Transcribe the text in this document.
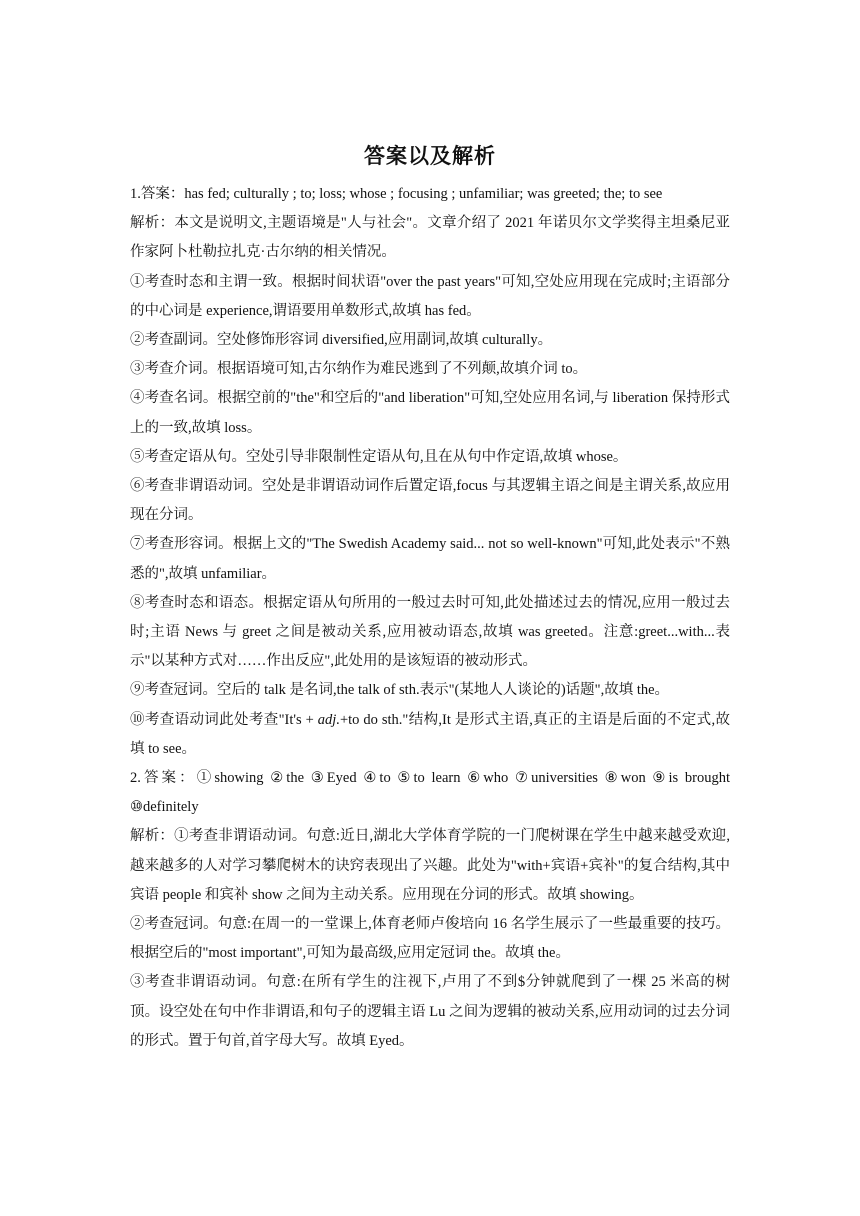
答案以及解析

1.答案：has fed; culturally ; to; loss; whose ; focusing ; unfamiliar; was greeted; the; to see

解析：本文是说明文,主题语境是"人与社会"。文章介绍了 2021 年诺贝尔文学奖得主坦桑尼亚作家阿卜杜勒拉扎克·古尔纳的相关情况。

①考查时态和主谓一致。根据时间状语"over the past years"可知,空处应用现在完成时;主语部分的中心词是 experience,谓语要用单数形式,故填 has fed。

②考查副词。空处修饰形容词 diversified,应用副词,故填 culturally。

③考查介词。根据语境可知,古尔纳作为难民逃到了不列颠,故填介词 to。

④考查名词。根据空前的"the"和空后的"and liberation"可知,空处应用名词,与 liberation 保持形式上的一致,故填 loss。

⑤考查定语从句。空处引导非限制性定语从句,且在从句中作定语,故填 whose。

⑥考查非谓语动词。空处是非谓语动词作后置定语,focus 与其逻辑主语之间是主谓关系,故应用现在分词。

⑦考查形容词。根据上文的"The Swedish Academy said... not so well-known"可知,此处表示"不熟悉的",故填 unfamiliar。

⑧考查时态和语态。根据定语从句所用的一般过去时可知,此处描述过去的情况,应用一般过去时;主语 News 与 greet 之间是被动关系,应用被动语态,故填 was greeted。注意:greet...with...表示"以某种方式对……作出反应",此处用的是该短语的被动形式。

⑨考查冠词。空后的 talk 是名词,the talk of sth.表示"(某地人人谈论的)话题",故填 the。

⑩考查语动词此处考查"It's + adj.+to do sth."结构,It 是形式主语,真正的主语是后面的不定式,故填 to see。

2.答案：①showing ②the ③Eyed ④to ⑤to learn ⑥who ⑦universities ⑧won ⑨is brought ⑩definitely

解析：①考查非谓语动词。句意:近日,湖北大学体育学院的一门爬树课在学生中越来越受欢迎,越来越多的人对学习攀爬树木的诀窍表现出了兴趣。此处为"with+宾语+宾补"的复合结构,其中宾语 people 和宾补 show 之间为主动关系。应用现在分词的形式。故填 showing。

②考查冠词。句意:在周一的一堂课上,体育老师卢俊培向 16 名学生展示了一些最重要的技巧。根据空后的"most important",可知为最高级,应用定冠词 the。故填 the。

③考查非谓语动词。句意:在所有学生的注视下,卢用了不到$分钟就爬到了一棵 25 米高的树顶。设空处在句中作非谓语,和句子的逻辑主语 Lu 之间为逻辑的被动关系,应用动词的过去分词的形式。置于句首,首字母大写。故填 Eyed。
